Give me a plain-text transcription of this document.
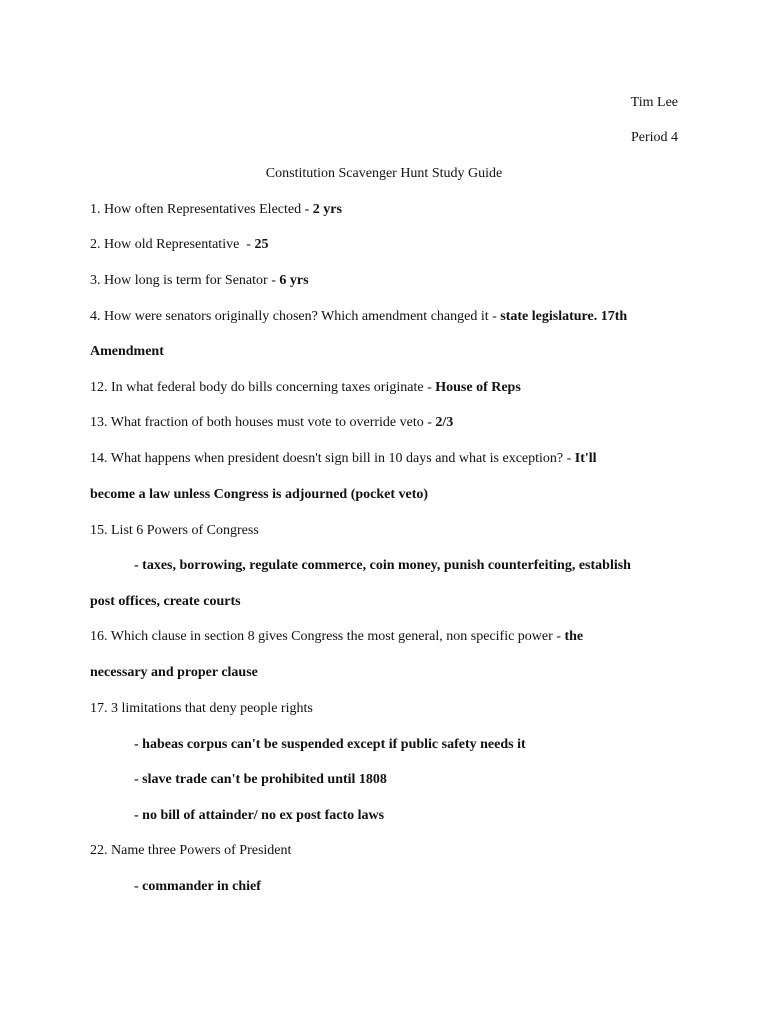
Tim Lee
Period 4
Constitution Scavenger Hunt Study Guide
1. How often Representatives Elected - 2 yrs
2. How old Representative  - 25
3. How long is term for Senator - 6 yrs
4. How were senators originally chosen? Which amendment changed it - state legislature. 17th
Amendment
12. In what federal body do bills concerning taxes originate - House of Reps
13. What fraction of both houses must vote to override veto - 2/3
14. What happens when president doesn't sign bill in 10 days and what is exception? - It'll
become a law unless Congress is adjourned (pocket veto)
15. List 6 Powers of Congress
- taxes, borrowing, regulate commerce, coin money, punish counterfeiting, establish
post offices, create courts
16. Which clause in section 8 gives Congress the most general, non specific power - the
necessary and proper clause
17. 3 limitations that deny people rights
- habeas corpus can't be suspended except if public safety needs it
- slave trade can't be prohibited until 1808
- no bill of attainder/ no ex post facto laws
22. Name three Powers of President
- commander in chief
